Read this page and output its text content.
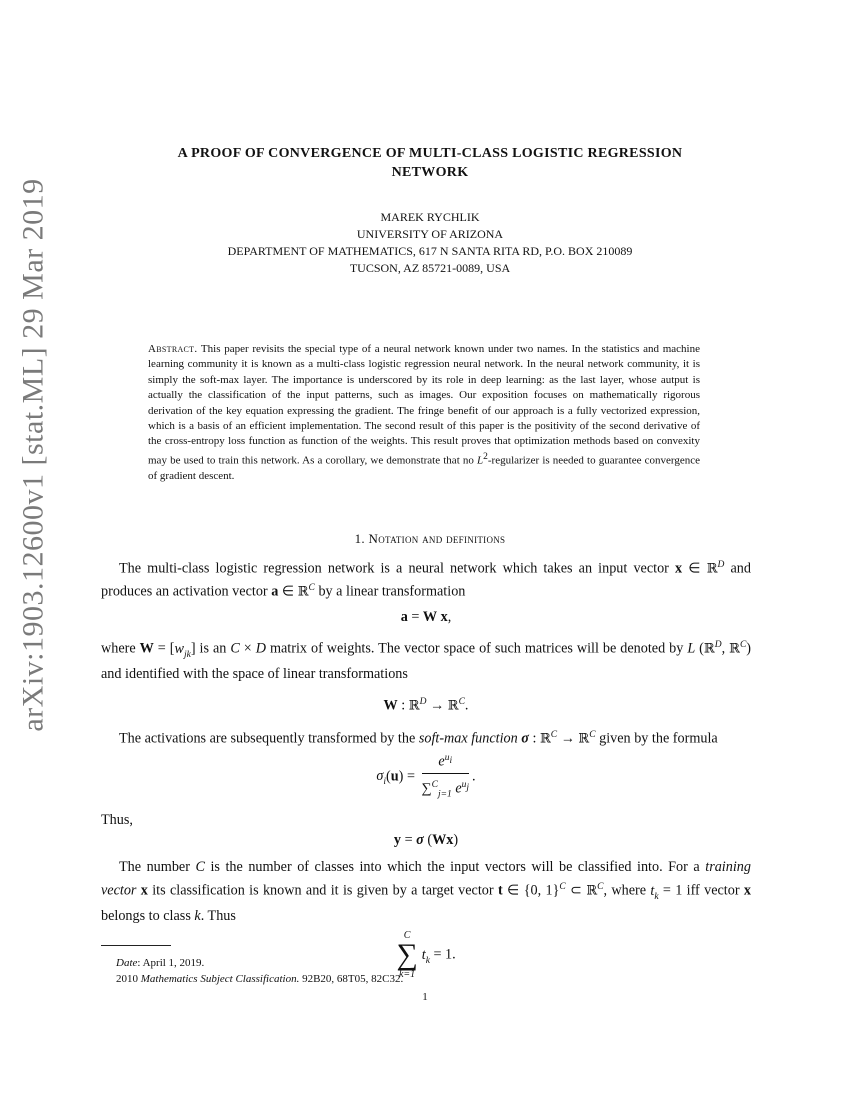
arXiv:1903.12600v1 [stat.ML] 29 Mar 2019
A PROOF OF CONVERGENCE OF MULTI-CLASS LOGISTIC REGRESSION
NETWORK
MAREK RYCHLIK
UNIVERSITY OF ARIZONA
DEPARTMENT OF MATHEMATICS, 617 N SANTA RITA RD, P.O. BOX 210089
TUCSON, AZ 85721-0089, USA
Abstract. This paper revisits the special type of a neural network known under two names. In the statistics and machine learning community it is known as a multi-class logistic regression neural network. In the neural network community, it is simply the soft-max layer. The importance is underscored by its role in deep learning: as the last layer, whose autput is actually the classification of the input patterns, such as images. Our exposition focuses on mathematically rigorous derivation of the key equation expressing the gradient. The fringe benefit of our approach is a fully vectorized expression, which is a basis of an efficient implementation. The second result of this paper is the positivity of the second derivative of the cross-entropy loss function as function of the weights. This result proves that optimization methods based on convexity may be used to train this network. As a corollary, we demonstrate that no $L^2$-regularizer is needed to guarantee convergence of gradient descent.
1. Notation and definitions

The multi-class logistic regression network is a neural network which takes an input vector x ∈ ℝ$^D$ and produces an activation vector a ∈ ℝ$^C$ by a linear transformation

a = W x,

where $W = [w_{jk}]$ is an C × D matrix of weights. The vector space of such matrices will be denoted by L (ℝ$^D$, ℝ$^C$) and identified with the space of linear transformations

W : ℝ$^D$ → ℝ$^C$.

The activations are subsequently transformed by the soft-max function σ : ℝ$^C$ → ℝ$^C$ given by the formula

$\sigma_i(u) = \frac{e^{u_i}}{\sum^C_{j=1} e^{u_j}}$ .

Thus,

y = σ (Wx)

The number C is the number of classes into which the input vectors will be classified into. For a training vector x its classification is known and it is given by a target vector t ∈ {0, 1}$^C$ ⊂ ℝ$^C$, where $t_k = 1$ iff vector x belongs to class k. Thus

C
∑
k=1
$t_k = 1$.
Date: April 1, 2019.
2010 Mathematics Subject Classification. 92B20, 68T05, 82C32.
1
